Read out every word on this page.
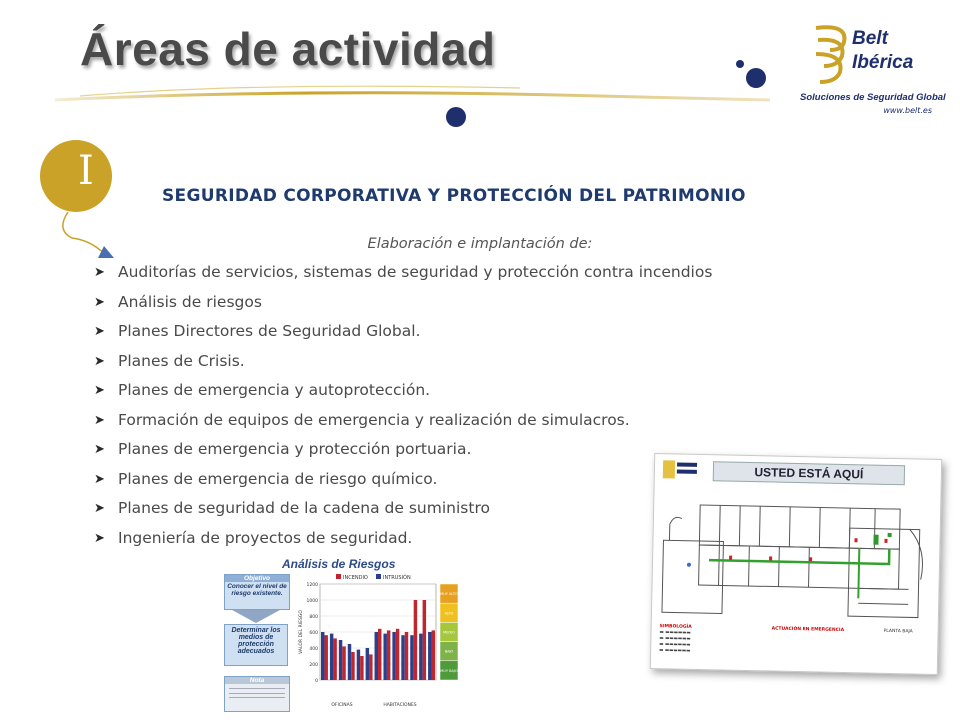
Áreas de actividad
I
Belt
Ibérica
Soluciones de Seguridad Global
www.belt.es
SEGURIDAD CORPORATIVA Y PROTECCIÓN DEL PATRIMONIO
Elaboración e implantación de:
➤ Auditorías de servicios, sistemas de seguridad y protección contra incendios
➤ Análisis de riesgos
➤ Planes Directores de Seguridad Global.
➤ Planes de Crisis.
➤ Planes de emergencia y autoprotección.
➤ Formación de equipos de emergencia y realización de simulacros.
➤ Planes de emergencia y protección portuaria.
➤ Planes de emergencia de riesgo químico.
➤ Planes de seguridad de la cadena de suministro
➤ Ingeniería de proyectos de seguridad.
Análisis de Riesgos
Objetivo
Conocer el nivel de riesgo existente.
Determinar los medios de protección adecuados
Nota
INCENDIO	INTRUSIÓN
1200
1000
800
600
400
200
0
VALOR DEL RIESGO
OFICINAS	HABITACIONES
MUY ALTO
ALTO
MEDIO
BAJO
MUY BAJO
USTED ESTÁ AQUÍ
SIMBOLOGÍA
▬ ▬▬▬▬▬▬
▬ ▬▬▬▬▬▬
▬ ▬▬▬▬▬▬
▬ ▬▬▬▬▬▬
ACTUACIÓN EN EMERGENCIA	PLANTA BAJA
